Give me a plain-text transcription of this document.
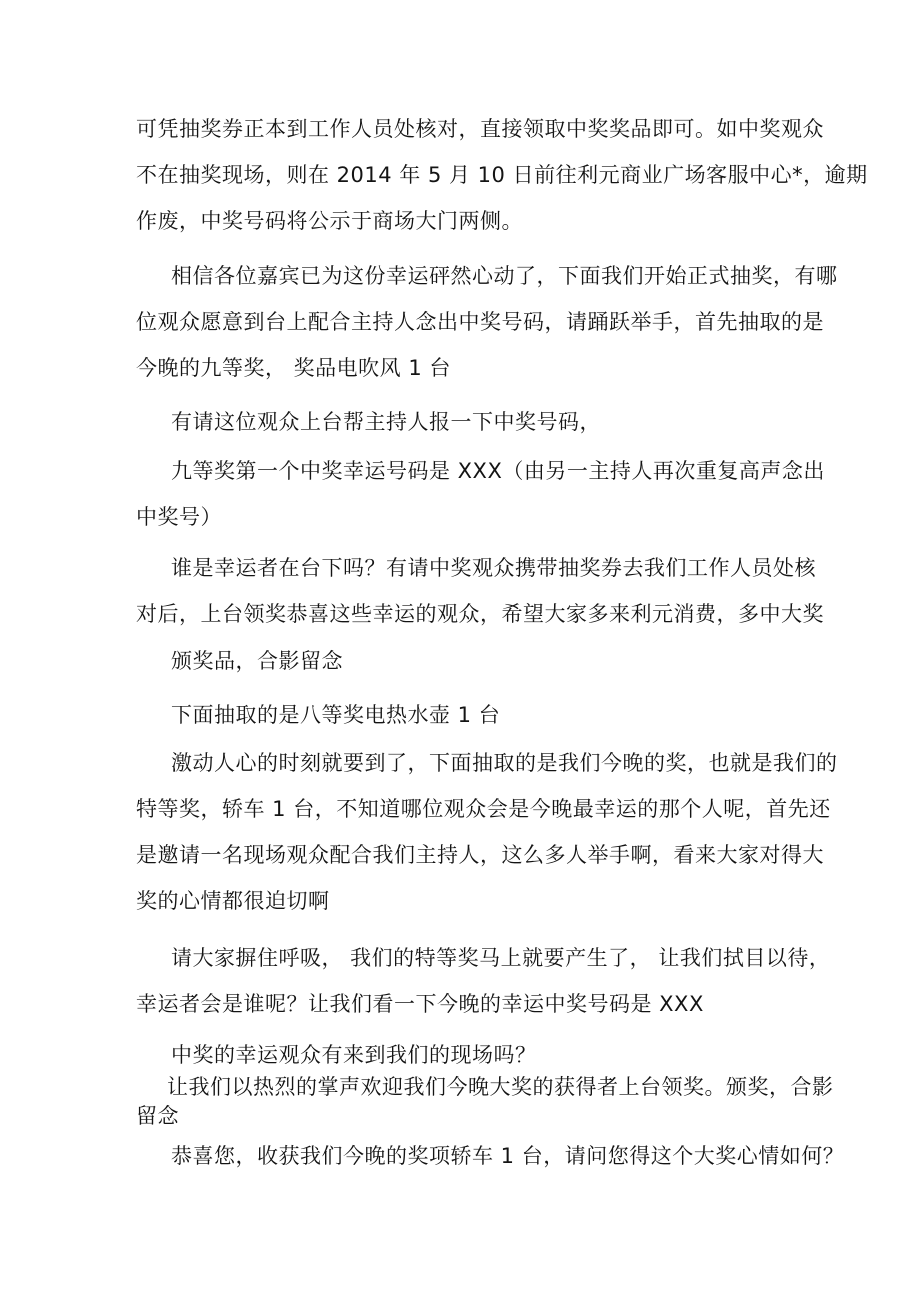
可凭抽奖券正本到工作人员处核对，直接领取中奖奖品即可。如中奖观众
不在抽奖现场，则在 2014 年 5 月 10 日前往利元商业广场客服中心*，逾期
作废，中奖号码将公示于商场大门两侧。
相信各位嘉宾已为这份幸运砰然心动了，下面我们开始正式抽奖，有哪
位观众愿意到台上配合主持人念出中奖号码，请踊跃举手，首先抽取的是
今晚的九等奖， 奖品电吹风 1 台
有请这位观众上台帮主持人报一下中奖号码，
九等奖第一个中奖幸运号码是 XXX（由另一主持人再次重复高声念出
中奖号）
谁是幸运者在台下吗？有请中奖观众携带抽奖券去我们工作人员处核
对后，上台领奖恭喜这些幸运的观众，希望大家多来利元消费，多中大奖
颁奖品，合影留念
下面抽取的是八等奖电热水壶 1 台
激动人心的时刻就要到了，下面抽取的是我们今晚的奖，也就是我们的
特等奖，轿车 1 台，不知道哪位观众会是今晚最幸运的那个人呢，首先还
是邀请一名现场观众配合我们主持人，这么多人举手啊，看来大家对得大
奖的心情都很迫切啊
请大家摒住呼吸， 我们的特等奖马上就要产生了， 让我们拭目以待，
幸运者会是谁呢？让我们看一下今晚的幸运中奖号码是 XXX
中奖的幸运观众有来到我们的现场吗？
让我们以热烈的掌声欢迎我们今晚大奖的获得者上台领奖。颁奖，合影
留念
恭喜您，收获我们今晚的奖项轿车 1 台，请问您得这个大奖心情如何？
